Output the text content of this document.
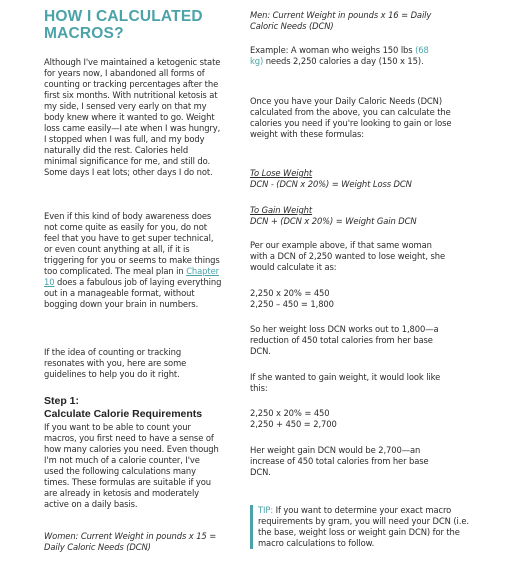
HOW I CALCULATED MACROS?

Although I've maintained a ketogenic state for years now, I abandoned all forms of counting or tracking percentages after the first six months. With nutritional ketosis at my side, I sensed very early on that my body knew where it wanted to go. Weight loss came easily—I ate when I was hungry, I stopped when I was full, and my body naturally did the rest. Calories held minimal significance for me, and still do. Some days I eat lots; other days I do not.

Even if this kind of body awareness does not come quite as easily for you, do not feel that you have to get super technical, or even count anything at all, if it is triggering for you or seems to make things too complicated. The meal plan in Chapter 10 does a fabulous job of laying everything out in a manageable format, without bogging down your brain in numbers.

If the idea of counting or tracking resonates with you, here are some guidelines to help you do it right.

Step 1:
Calculate Calorie Requirements

If you want to be able to count your macros, you first need to have a sense of how many calories you need. Even though I'm not much of a calorie counter, I've used the following calculations many times. These formulas are suitable if you are already in ketosis and moderately active on a daily basis.

Women: Current Weight in pounds x 15 = Daily Caloric Needs (DCN)

Men: Current Weight in pounds x 16 = Daily Caloric Needs (DCN)

Example: A woman who weighs 150 lbs (68 kg) needs 2,250 calories a day (150 x 15).

Once you have your Daily Caloric Needs (DCN) calculated from the above, you can calculate the calories you need if you're looking to gain or lose weight with these formulas:

To Lose Weight
DCN - (DCN x 20%) = Weight Loss DCN

To Gain Weight
DCN + (DCN x 20%) = Weight Gain DCN

Per our example above, if that same woman with a DCN of 2,250 wanted to lose weight, she would calculate it as:

2,250 x 20% = 450
2,250 – 450 = 1,800

So her weight loss DCN works out to 1,800—a reduction of 450 total calories from her base DCN.

If she wanted to gain weight, it would look like this:

2,250 x 20% = 450
2,250 + 450 = 2,700

Her weight gain DCN would be 2,700—an increase of 450 total calories from her base DCN.

TIP: If you want to determine your exact macro requirements by gram, you will need your DCN (i.e. the base, weight loss or weight gain DCN) for the macro calculations to follow.
